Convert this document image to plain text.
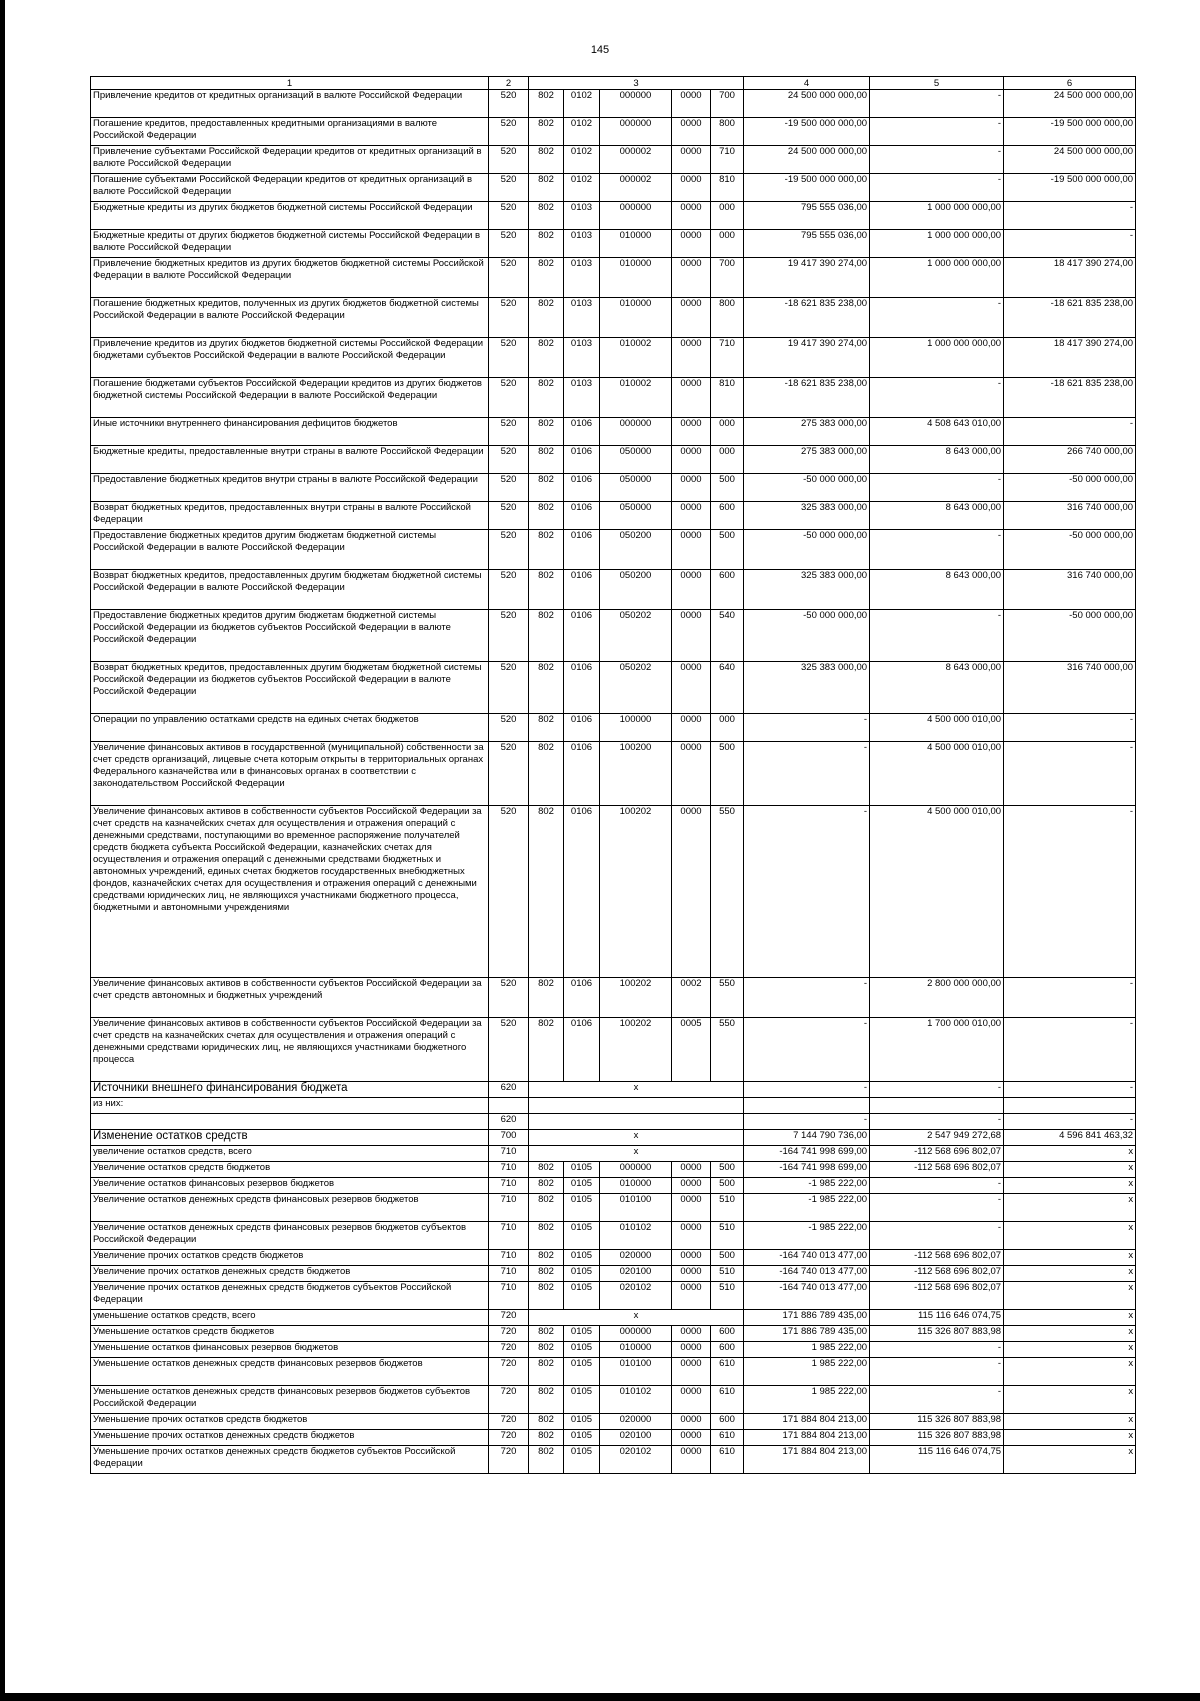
145
1	2	3					4	5	6
Привлечение кредитов от кредитных организаций в валюте Российской Федерации	520	802	0102	000000	0000	700	24 500 000 000,00	-	24 500 000 000,00
Погашение кредитов, предоставленных кредитными организациями в валюте Российской Федерации	520	802	0102	000000	0000	800	-19 500 000 000,00	-	-19 500 000 000,00
Привлечение субъектами Российской Федерации кредитов от кредитных организаций в валюте Российской Федерации	520	802	0102	000002	0000	710	24 500 000 000,00	-	24 500 000 000,00
Погашение субъектами Российской Федерации кредитов от кредитных организаций в валюте Российской Федерации	520	802	0102	000002	0000	810	-19 500 000 000,00	-	-19 500 000 000,00
Бюджетные кредиты из других бюджетов бюджетной системы Российской Федерации	520	802	0103	000000	0000	000	795 555 036,00	1 000 000 000,00	-
Бюджетные кредиты от других бюджетов бюджетной системы Российской Федерации в валюте Российской Федерации	520	802	0103	010000	0000	000	795 555 036,00	1 000 000 000,00	-
Привлечение бюджетных кредитов из других бюджетов бюджетной системы Российской Федерации в валюте Российской Федерации	520	802	0103	010000	0000	700	19 417 390 274,00	1 000 000 000,00	18 417 390 274,00
Погашение бюджетных кредитов, полученных из других бюджетов бюджетной системы Российской Федерации в валюте Российской Федерации	520	802	0103	010000	0000	800	-18 621 835 238,00	-	-18 621 835 238,00
Привлечение кредитов из других бюджетов бюджетной системы Российской Федерации бюджетами субъектов Российской Федерации в валюте Российской Федерации	520	802	0103	010002	0000	710	19 417 390 274,00	1 000 000 000,00	18 417 390 274,00
Погашение бюджетами субъектов Российской Федерации кредитов из других бюджетов бюджетной системы Российской Федерации в валюте Российской Федерации	520	802	0103	010002	0000	810	-18 621 835 238,00	-	-18 621 835 238,00
Иные источники внутреннего финансирования дефицитов бюджетов	520	802	0106	000000	0000	000	275 383 000,00	4 508 643 010,00	-
Бюджетные кредиты, предоставленные внутри страны в валюте Российской Федерации	520	802	0106	050000	0000	000	275 383 000,00	8 643 000,00	266 740 000,00
Предоставление бюджетных кредитов внутри страны в валюте Российской Федерации	520	802	0106	050000	0000	500	-50 000 000,00	-	-50 000 000,00
Возврат бюджетных кредитов, предоставленных внутри страны в валюте Российской Федерации	520	802	0106	050000	0000	600	325 383 000,00	8 643 000,00	316 740 000,00
Предоставление бюджетных кредитов другим бюджетам бюджетной системы Российской Федерации в валюте Российской Федерации	520	802	0106	050200	0000	500	-50 000 000,00	-	-50 000 000,00
Возврат бюджетных кредитов, предоставленных другим бюджетам бюджетной системы Российской Федерации в валюте Российской Федерации	520	802	0106	050200	0000	600	325 383 000,00	8 643 000,00	316 740 000,00
Предоставление бюджетных кредитов другим бюджетам бюджетной системы Российской Федерации из бюджетов субъектов Российской Федерации в валюте Российской Федерации	520	802	0106	050202	0000	540	-50 000 000,00	-	-50 000 000,00
Возврат бюджетных кредитов, предоставленных другим бюджетам бюджетной системы Российской Федерации из бюджетов субъектов Российской Федерации в валюте Российской Федерации	520	802	0106	050202	0000	640	325 383 000,00	8 643 000,00	316 740 000,00
Операции по управлению остатками средств на единых счетах бюджетов	520	802	0106	100000	0000	000	-	4 500 000 010,00	-
Увеличение финансовых активов в государственной (муниципальной) собственности за счет средств организаций, лицевые счета которым открыты в территориальных органах Федерального казначейства или в финансовых органах в соответствии с законодательством Российской Федерации	520	802	0106	100200	0000	500	-	4 500 000 010,00	-
Увеличение финансовых активов в собственности субъектов Российской Федерации за счет средств на казначейских счетах для осуществления и отражения операций с денежными средствами, поступающими во временное распоряжение получателей средств бюджета субъекта Российской Федерации, казначейских счетах для осуществления и отражения операций с денежными средствами бюджетных и автономных учреждений, единых счетах бюджетов государственных внебюджетных фондов, казначейских счетах для осуществления и отражения операций с денежными средствами юридических лиц, не являющихся участниками бюджетного процесса, бюджетными и автономными учреждениями	520	802	0106	100202	0000	550	-	4 500 000 010,00	-
Увеличение финансовых активов в собственности субъектов Российской Федерации за счет средств автономных и бюджетных учреждений	520	802	0106	100202	0002	550	-	2 800 000 000,00	-
Увеличение финансовых активов в собственности субъектов Российской Федерации за счет средств на казначейских счетах для осуществления и отражения операций с денежными средствами юридических лиц, не являющихся участниками бюджетного процесса	520	802	0106	100202	0005	550	-	1 700 000 010,00	-
Источники внешнего финансирования бюджета	620	x					-	-	-
из них:									
	620						-	-	-
Изменение остатков средств	700	x					7 144 790 736,00	2 547 949 272,68	4 596 841 463,32
увеличение остатков средств, всего	710	x					-164 741 998 699,00	-112 568 696 802,07	x
Увеличение остатков средств бюджетов	710	802	0105	000000	0000	500	-164 741 998 699,00	-112 568 696 802,07	x
Увеличение остатков финансовых резервов бюджетов	710	802	0105	010000	0000	500	-1 985 222,00	-	x
Увеличение остатков денежных средств финансовых резервов бюджетов	710	802	0105	010100	0000	510	-1 985 222,00	-	x
Увеличение остатков денежных средств финансовых резервов бюджетов субъектов Российской Федерации	710	802	0105	010102	0000	510	-1 985 222,00	-	x
Увеличение прочих остатков средств бюджетов	710	802	0105	020000	0000	500	-164 740 013 477,00	-112 568 696 802,07	x
Увеличение прочих остатков денежных средств бюджетов	710	802	0105	020100	0000	510	-164 740 013 477,00	-112 568 696 802,07	x
Увеличение прочих остатков денежных средств бюджетов субъектов Российской Федерации	710	802	0105	020102	0000	510	-164 740 013 477,00	-112 568 696 802,07	x
уменьшение остатков средств, всего	720	x					171 886 789 435,00	115 116 646 074,75	x
Уменьшение остатков средств бюджетов	720	802	0105	000000	0000	600	171 886 789 435,00	115 326 807 883,98	x
Уменьшение остатков финансовых резервов бюджетов	720	802	0105	010000	0000	600	1 985 222,00	-	x
Уменьшение остатков денежных средств финансовых резервов бюджетов	720	802	0105	010100	0000	610	1 985 222,00	-	x
Уменьшение остатков денежных средств финансовых резервов бюджетов субъектов Российской Федерации	720	802	0105	010102	0000	610	1 985 222,00	-	x
Уменьшение прочих остатков средств бюджетов	720	802	0105	020000	0000	600	171 884 804 213,00	115 326 807 883,98	x
Уменьшение прочих остатков денежных средств бюджетов	720	802	0105	020100	0000	610	171 884 804 213,00	115 326 807 883,98	x
Уменьшение прочих остатков денежных средств бюджетов субъектов Российской Федерации	720	802	0105	020102	0000	610	171 884 804 213,00	115 116 646 074,75	x
